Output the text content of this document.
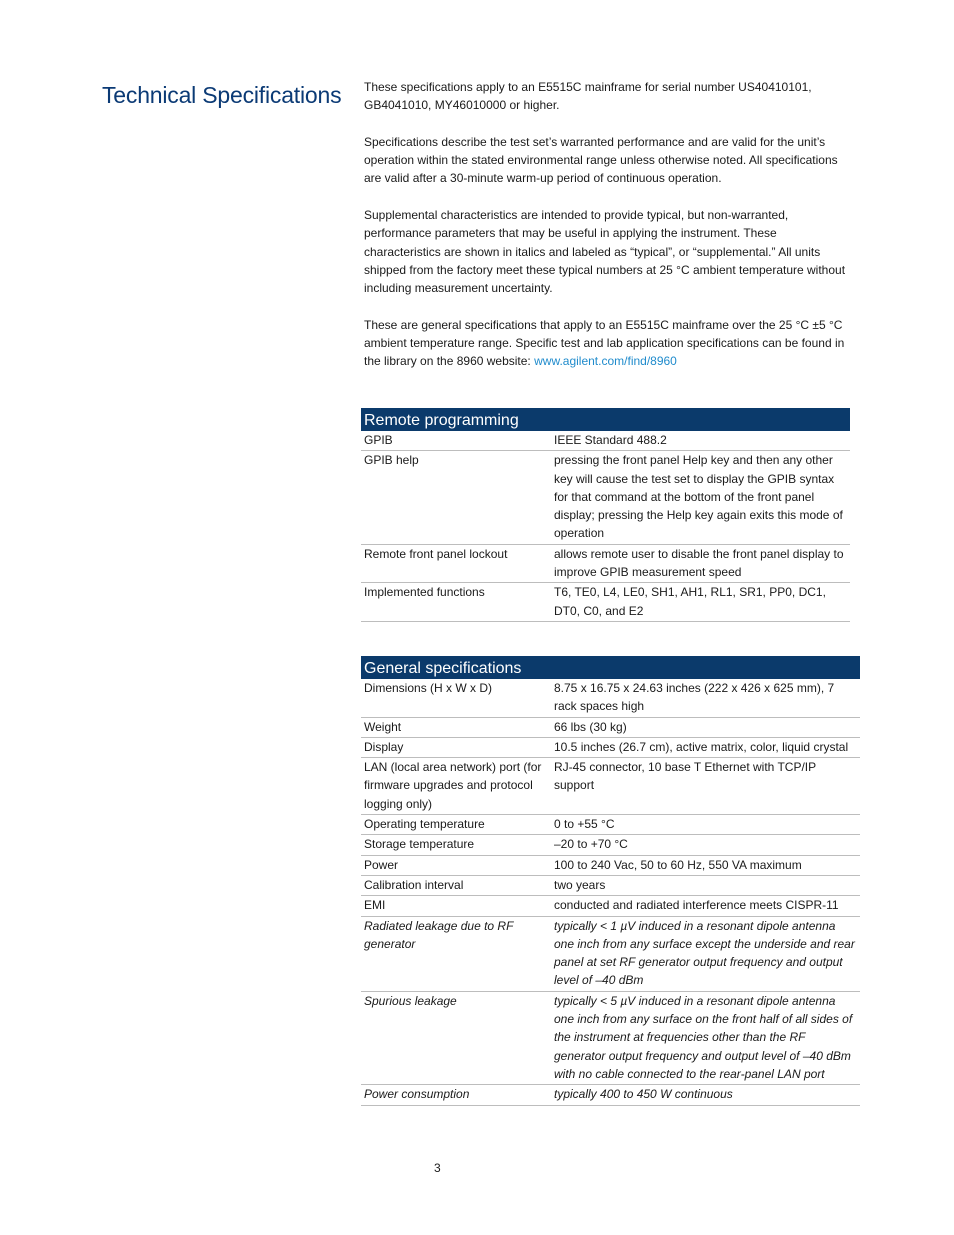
Technical Specifications These specifications apply to an E5515C mainframe for serial number US40410101, GB4041010, MY46010000 or higher.

Specifications describe the test set’s warranted performance and are valid for the unit’s operation within the stated environmental range unless otherwise noted. All specifications are valid after a 30-minute warm-up period of continuous operation.

Supplemental characteristics are intended to provide typical, but non-warranted, performance parameters that may be useful in applying the instrument. These characteristics are shown in italics and labeled as “typical”, or “supplemental.” All units shipped from the factory meet these typical numbers at 25 °C ambient temperature without including measurement uncertainty.

These are general specifications that apply to an E5515C mainframe over the 25 °C ±5 °C ambient temperature range. Specific test and lab application specifications can be found in the library on the 8960 website: www.agilent.com/find/8960

Remote programming	
GPIB	IEEE Standard 488.2
GPIB help	pressing the front panel Help key and then any other key will cause the test set to display the GPIB syntax for that command at the bottom of the front panel display; pressing the Help key again exits this mode of operation
Remote front panel lockout	allows remote user to disable the front panel display to improve GPIB measurement speed
Implemented functions	T6, TE0, L4, LE0, SH1, AH1, RL1, SR1, PP0, DC1, DT0, C0, and E2
General specifications	
Dimensions (H x W x D)	8.75 x 16.75 x 24.63 inches (222 x 426 x 625 mm), 7 rack spaces high
Weight	66 lbs (30 kg)
Display	10.5 inches (26.7 cm), active matrix, color, liquid crystal
LAN (local area network) port (for firmware upgrades and protocol logging only)	RJ-45 connector, 10 base T Ethernet with TCP/IP support
Operating temperature	0 to +55 °C
Storage temperature	–20 to +70 °C
Power	100 to 240 Vac, 50 to 60 Hz, 550 VA maximum
Calibration interval	two years
EMI	conducted and radiated interference meets CISPR-11
Radiated leakage due to RF generator	typically < 1 µV induced in a resonant dipole antenna one inch from any surface except the underside and rear panel at set RF generator output frequency and output level of –40 dBm
Spurious leakage	typically < 5 µV induced in a resonant dipole antenna one inch from any surface on the front half of all sides of the instrument at frequencies other than the RF generator output frequency and output level of –40 dBm with no cable connected to the rear-panel LAN port
Power consumption	typically 400 to 450 W continuous
3
